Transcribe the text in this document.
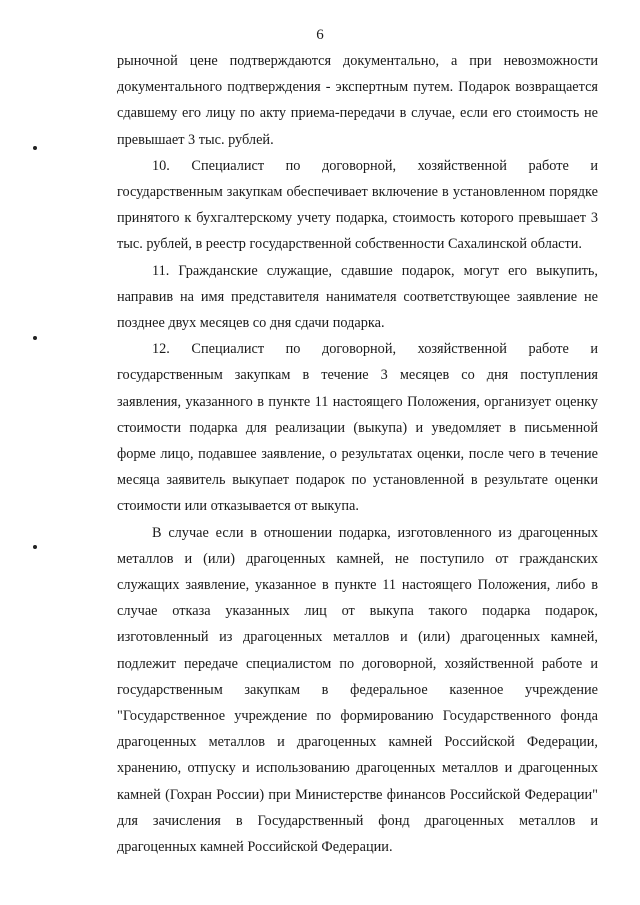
6

рыночной цене подтверждаются документально, а при невозможности документального подтверждения - экспертным путем. Подарок возвращается сдавшему его лицу по акту приема-передачи в случае, если его стоимость не превышает 3 тыс. рублей.

10. Специалист по договорной, хозяйственной работе и государственным закупкам обеспечивает включение в установленном порядке принятого к бухгалтерскому учету подарка, стоимость которого превышает 3 тыс. рублей, в реестр государственной собственности Сахалинской области.

11. Гражданские служащие, сдавшие подарок, могут его выкупить, направив на имя представителя нанимателя соответствующее заявление не позднее двух месяцев со дня сдачи подарка.

12. Специалист по договорной, хозяйственной работе и государственным закупкам в течение 3 месяцев со дня поступления заявления, указанного в пункте 11 настоящего Положения, организует оценку стоимости подарка для реализации (выкупа) и уведомляет в письменной форме лицо, подавшее заявление, о результатах оценки, после чего в течение месяца заявитель выкупает подарок по установленной в результате оценки стоимости или отказывается от выкупа.

В случае если в отношении подарка, изготовленного из драгоценных металлов и (или) драгоценных камней, не поступило от гражданских служащих заявление, указанное в пункте 11 настоящего Положения, либо в случае отказа указанных лиц от выкупа такого подарка подарок, изготовленный из драгоценных металлов и (или) драгоценных камней, подлежит передаче специалистом по договорной, хозяйственной работе и государственным закупкам в федеральное казенное учреждение "Государственное учреждение по формированию Государственного фонда драгоценных металлов и драгоценных камней Российской Федерации, хранению, отпуску и использованию драгоценных металлов и драгоценных камней (Гохран России) при Министерстве финансов Российской Федерации" для зачисления в Государственный фонд драгоценных металлов и драгоценных камней Российской Федерации.
